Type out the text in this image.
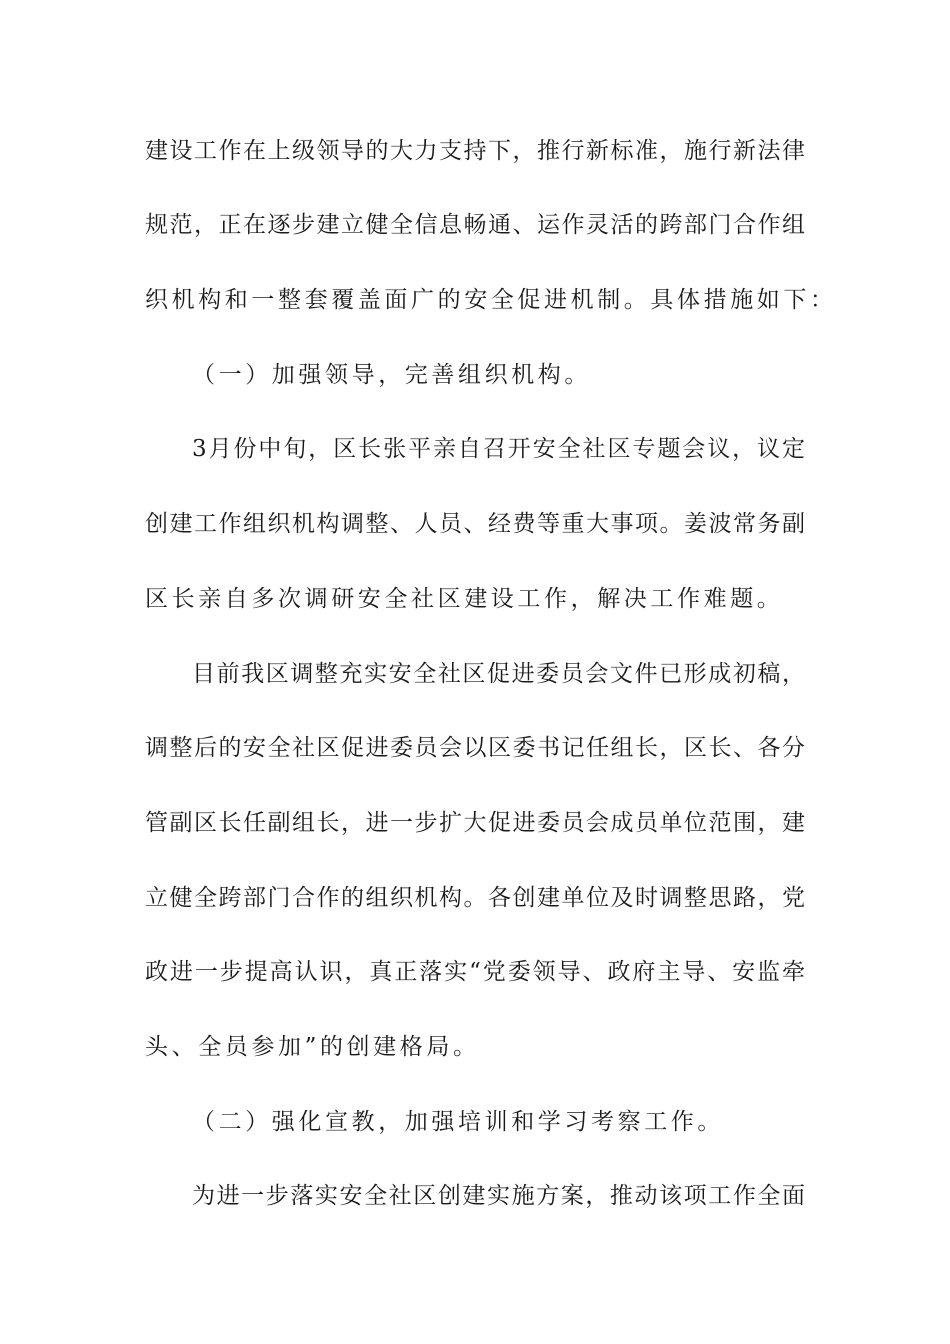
建设工作在上级领导的大力支持下，推行新标准，施行新法律
规范，正在逐步建立健全信息畅通、运作灵活的跨部门合作组
织机构和一整套覆盖面广的安全促进机制。具体措施如下：
（一）加强领导，完善组织机构。
3月份中旬，区长张平亲自召开安全社区专题会议，议定
创建工作组织机构调整、人员、经费等重大事项。姜波常务副
区长亲自多次调研安全社区建设工作，解决工作难题。
目前我区调整充实安全社区促进委员会文件已形成初稿，
调整后的安全社区促进委员会以区委书记任组长，区长、各分
管副区长任副组长，进一步扩大促进委员会成员单位范围，建
立健全跨部门合作的组织机构。各创建单位及时调整思路，党
政进一步提高认识，真正落实“党委领导、政府主导、安监牵
头、全员参加”的创建格局。
（二）强化宣教，加强培训和学习考察工作。
为进一步落实安全社区创建实施方案，推动该项工作全面
